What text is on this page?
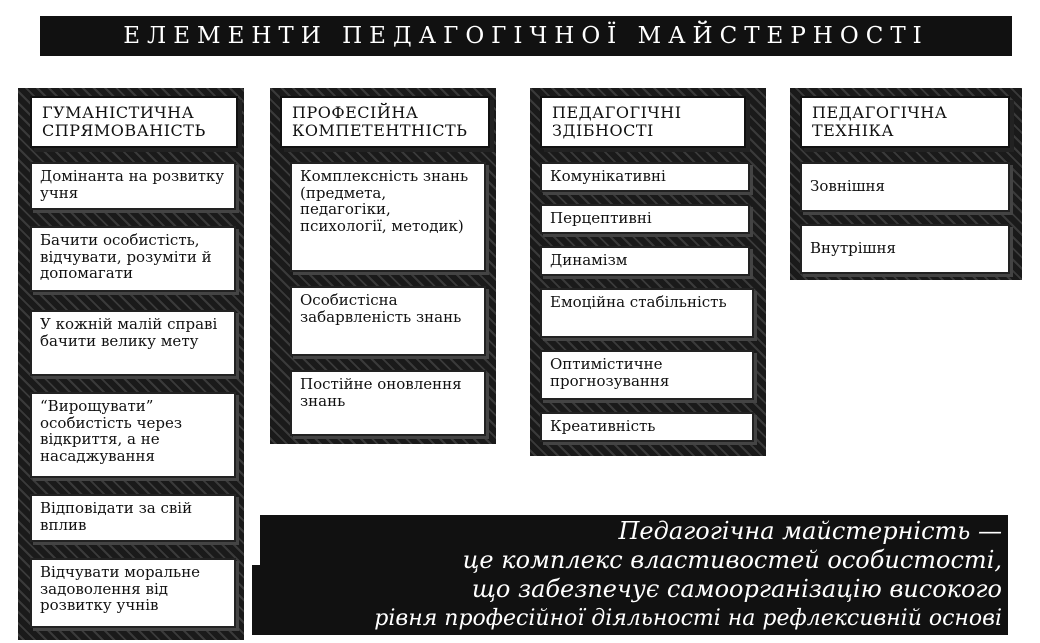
ЕЛЕМЕНТИ ПЕДАГОГІЧНОЇ МАЙСТЕРНОСТІ
ГУМАНІСТИЧНА СПРЯМОВАНІСТЬ
Домінанта на розвитку учня
Бачити особистість, відчувати, розуміти й допомагати
У кожній малій справі бачити велику мету
“Вирощувати” особистість через відкриття, а не насаджування
Відповідати за свій вплив
Відчувати моральне задоволення від розвитку учнів
ПРОФЕСІЙНА КОМПЕТЕНТНІСТЬ
Комплексність знань (предмета, педагогіки, психології, методик)
Особистісна забарвленість знань
Постійне оновлення знань
ПЕДАГОГІЧНІ ЗДІБНОСТІ
Комунікативні
Перцептивні
Динамізм
Емоційна стабільність
Оптимістичне прогнозування
Креативність
ПЕДАГОГІЧНА ТЕХНІКА
Зовнішня
Внутрішня
Педагогічна майстерність —
це комплекс властивостей особистості,
що забезпечує самоорганізацію високого
рівня професійної діяльності на рефлексивній основі
